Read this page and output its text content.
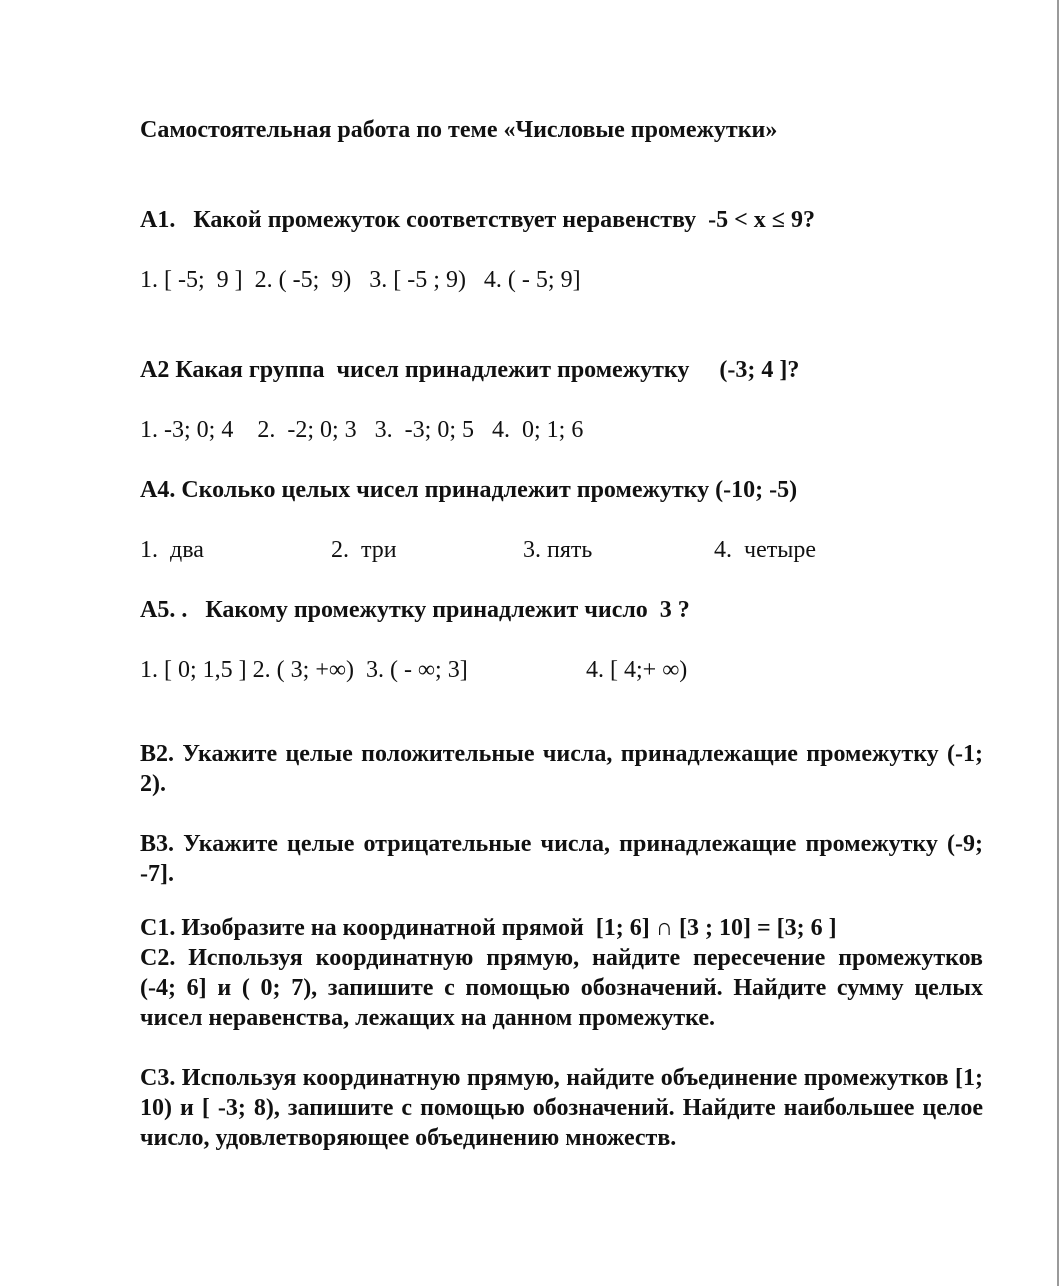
Самостоятельная работа по теме «Числовые промежутки»
А1.   Какой промежуток соответствует неравенству  -5 < х ≤ 9?
1. [ -5;  9 ]  2. ( -5;  9)   3. [ -5 ; 9)   4. ( - 5; 9]
А2 Какая группа  чисел принадлежит промежутку     (-3; 4 ]?
1. -3; 0; 4    2.  -2; 0; 3   3.  -3; 0; 5   4.  0; 1; 6
А4. Сколько целых чисел принадлежит промежутку (-10; -5)
1.  два	2.  три	3. пять	4.  четыре
А5. .   Какому промежутку принадлежит число  3 ?
1. [ 0; 1,5 ] 2. ( 3; +∞)  3. ( - ∞; 3]	4. [ 4;+ ∞)
В2. Укажите целые положительные числа, принадлежащие промежутку (-1; 2).
В3. Укажите целые отрицательные числа, принадлежащие промежутку (-9; -7].
С1. Изобразите на координатной прямой  [1; 6] ∩ [3 ; 10] = [3; 6 ]
С2. Используя координатную прямую, найдите пересечение промежутков (-4; 6] и ( 0; 7), запишите с помощью обозначений. Найдите сумму целых чисел неравенства, лежащих на данном промежутке.
С3. Используя координатную прямую, найдите объединение промежутков [1; 10) и [ -3; 8), запишите с помощью обозначений. Найдите наибольшее целое число, удовлетворяющее объединению множеств.
